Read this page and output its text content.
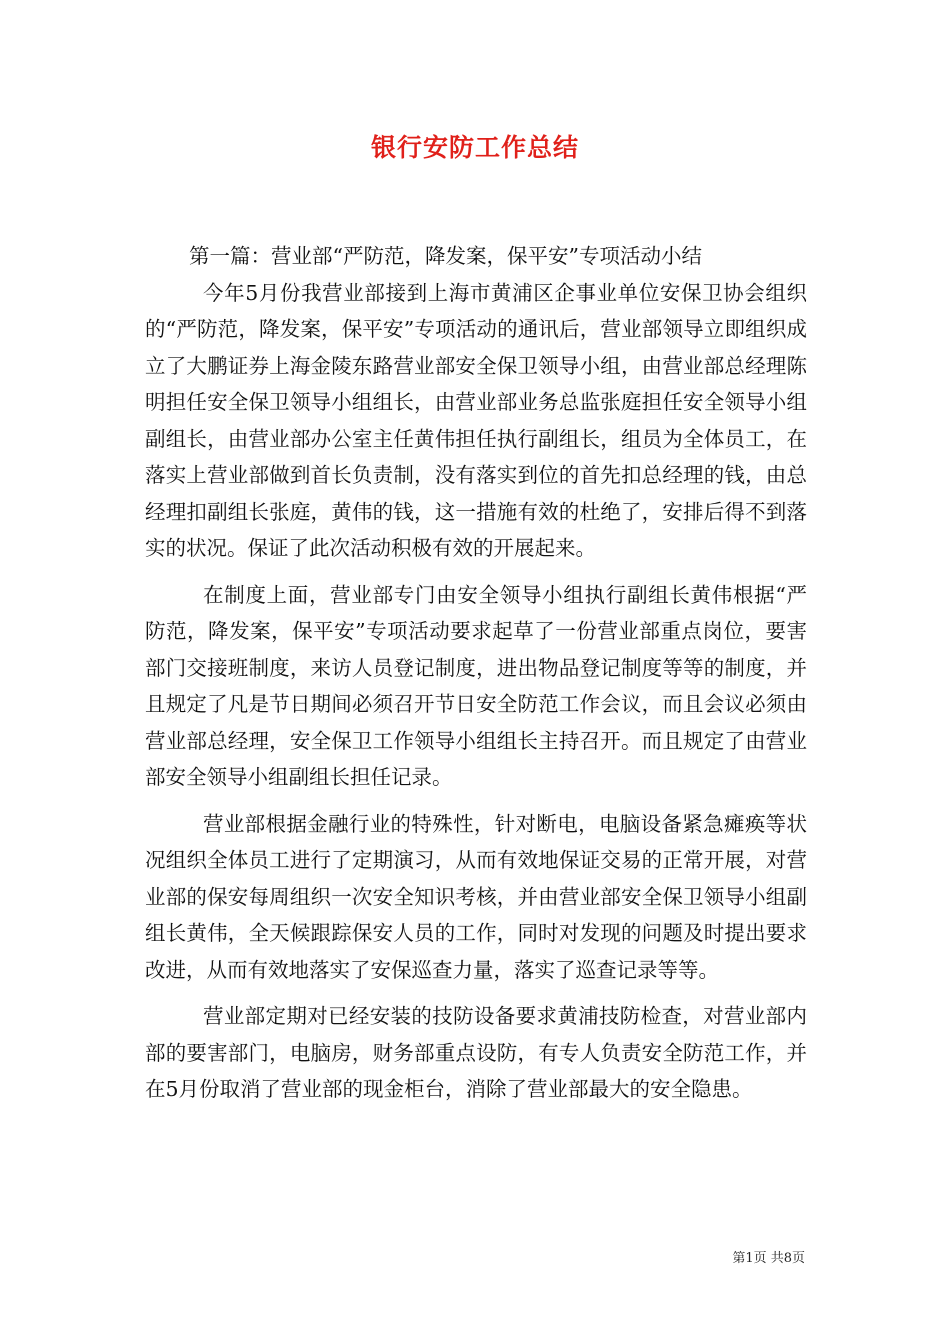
银行安防工作总结

第一篇：营业部“严防范，降发案，保平安”专项活动小结

今年5月份我营业部接到上海市黄浦区企事业单位安保卫协会组织的“严防范，降发案，保平安”专项活动的通讯后，营业部领导立即组织成立了大鹏证券上海金陵东路营业部安全保卫领导小组，由营业部总经理陈明担任安全保卫领导小组组长，由营业部业务总监张庭担任安全领导小组副组长，由营业部办公室主任黄伟担任执行副组长，组员为全体员工，在落实上营业部做到首长负责制，没有落实到位的首先扣总经理的钱，由总经理扣副组长张庭，黄伟的钱，这一措施有效的杜绝了，安排后得不到落实的状况。保证了此次活动积极有效的开展起来。

在制度上面，营业部专门由安全领导小组执行副组长黄伟根据“严防范，降发案，保平安”专项活动要求起草了一份营业部重点岗位，要害部门交接班制度，来访人员登记制度，进出物品登记制度等等的制度，并且规定了凡是节日期间必须召开节日安全防范工作会议，而且会议必须由营业部总经理，安全保卫工作领导小组组长主持召开。而且规定了由营业部安全领导小组副组长担任记录。

营业部根据金融行业的特殊性，针对断电，电脑设备紧急瘫痪等状况组织全体员工进行了定期演习，从而有效地保证交易的正常开展，对营业部的保安每周组织一次安全知识考核，并由营业部安全保卫领导小组副组长黄伟，全天候跟踪保安人员的工作，同时对发现的问题及时提出要求改进，从而有效地落实了安保巡查力量，落实了巡查记录等等。

营业部定期对已经安装的技防设备要求黄浦技防检查，对营业部内部的要害部门，电脑房，财务部重点设防，有专人负责安全防范工作，并在5月份取消了营业部的现金柜台，消除了营业部最大的安全隐患。

第1页 共8页
